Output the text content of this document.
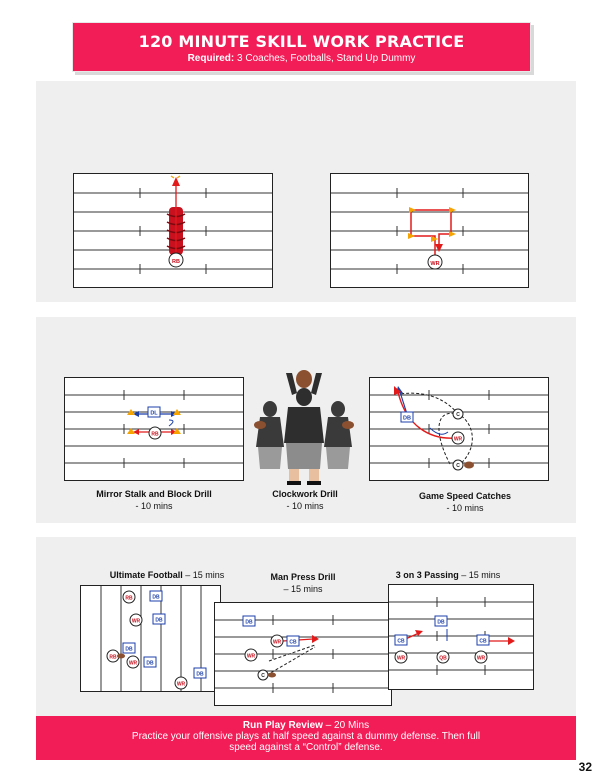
120 MINUTE SKILL WORK PRACTICE
Required: 3 Coaches, Footballs, Stand Up Dummy
RB	WR
DL
RB
C
C
WR
DB
Mirror Stalk and Block Drill
- 10 mins
Clockwork Drill
- 10 mins
Game Speed Catches
- 10 mins
Ultimate Football – 15 mins	Man Press Drill
– 15 mins
3 on 3 Passing – 15 mins
RB	DB
DB
WR
DB
RB
WR DB
DB
WR
DB
WR CB
WR
C
DB
WR
CB
QB	WR
CB
Run Play Review – 20 Mins
Practice your offensive plays at half speed against a dummy defense. Then full
speed against a “Control” defense.
32
